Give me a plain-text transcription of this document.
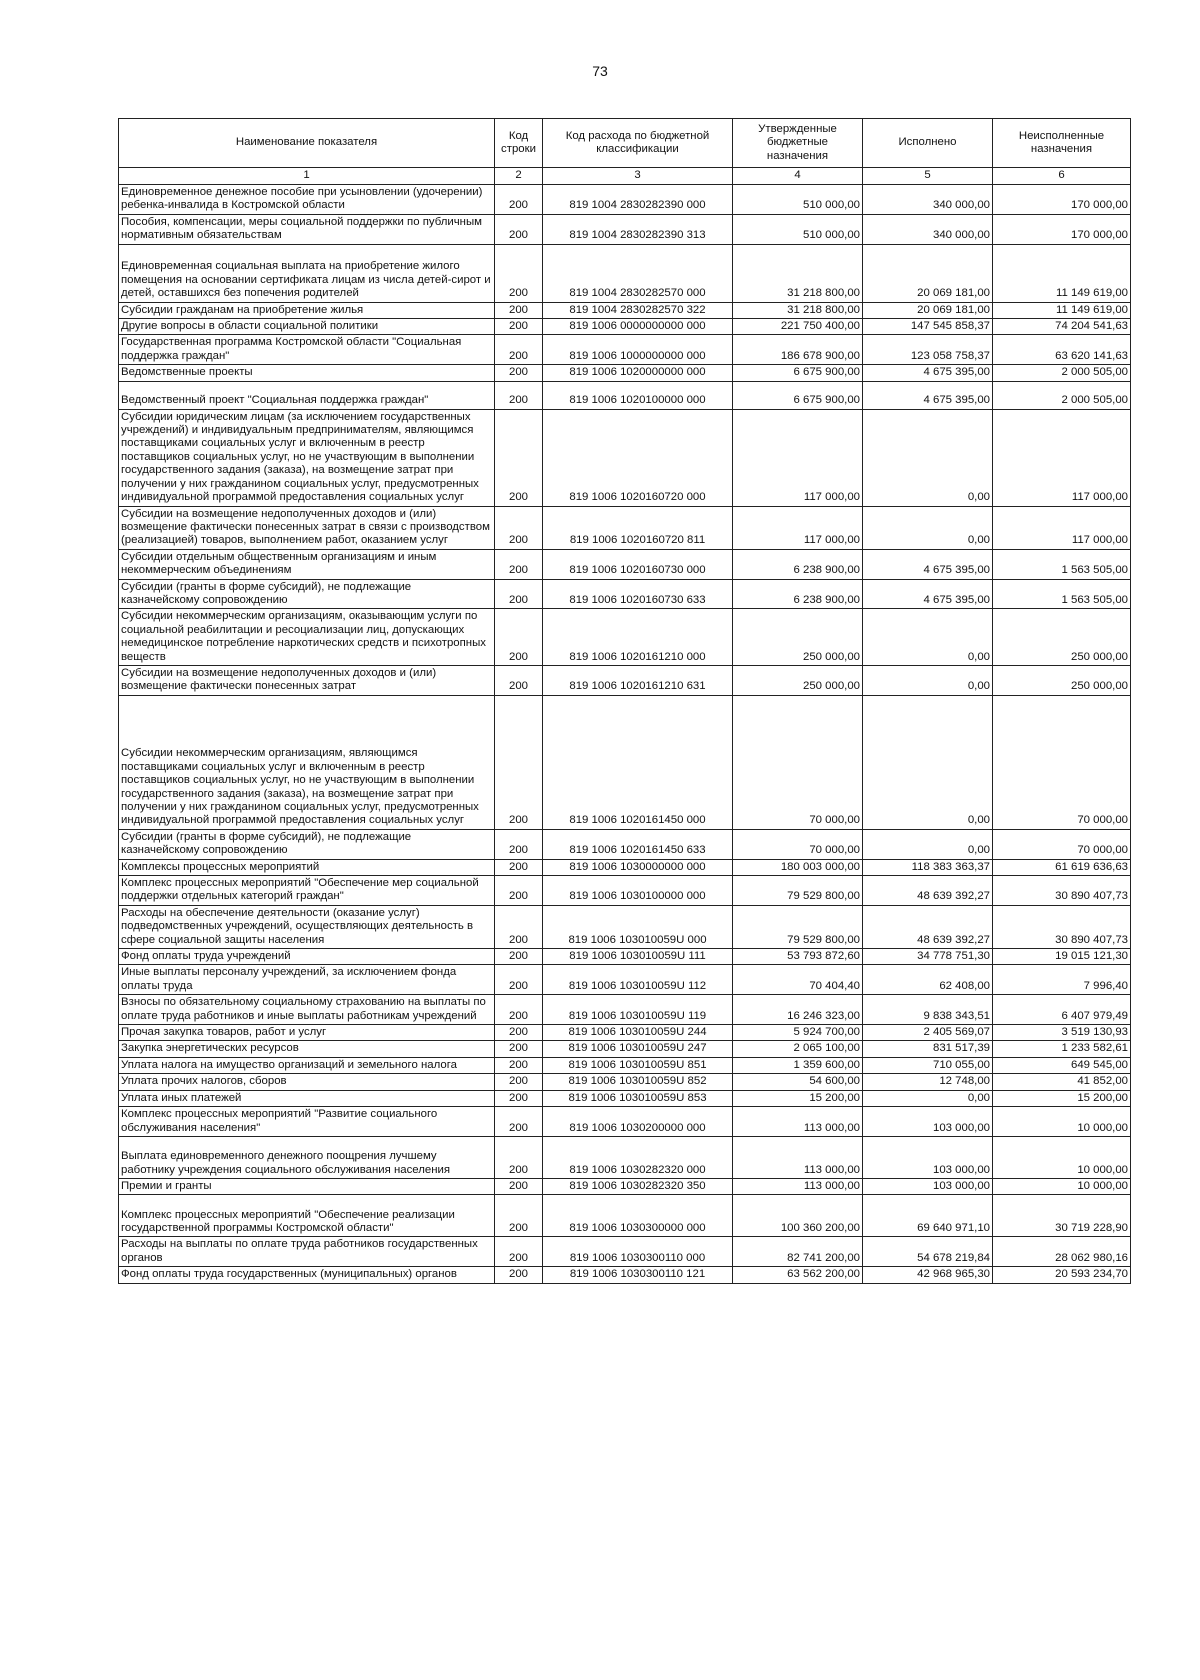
73
Наименование показателя	Код строки	Код расхода по бюджетной классификации	Утвержденные бюджетные назначения	Исполнено	Неисполненные назначения
1	2	3	4	5	6
Единовременное денежное пособие при усыновлении (удочерении) ребенка-инвалида в Костромской области	200	819 1004 2830282390 000	510 000,00	340 000,00	170 000,00
Пособия, компенсации, меры социальной поддержки по публичным нормативным обязательствам	200	819 1004 2830282390 313	510 000,00	340 000,00	170 000,00
Единовременная социальная выплата на приобретение жилого помещения на основании сертификата лицам из числа детей-сирот и детей, оставшихся без попечения родителей	200	819 1004 2830282570 000	31 218 800,00	20 069 181,00	11 149 619,00
Субсидии гражданам на приобретение жилья	200	819 1004 2830282570 322	31 218 800,00	20 069 181,00	11 149 619,00
Другие вопросы в области социальной политики	200	819 1006 0000000000 000	221 750 400,00	147 545 858,37	74 204 541,63
Государственная программа Костромской области "Социальная поддержка граждан"	200	819 1006 1000000000 000	186 678 900,00	123 058 758,37	63 620 141,63
Ведомственные проекты	200	819 1006 1020000000 000	6 675 900,00	4 675 395,00	2 000 505,00
Ведомственный проект "Социальная поддержка граждан"	200	819 1006 1020100000 000	6 675 900,00	4 675 395,00	2 000 505,00
Субсидии юридическим лицам (за исключением государственных учреждений) и индивидуальным предпринимателям, являющимся поставщиками социальных услуг и включенным в реестр поставщиков социальных услуг, но не участвующим в выполнении государственного задания (заказа), на возмещение затрат при получении у них гражданином социальных услуг, предусмотренных индивидуальной программой предоставления социальных услуг	200	819 1006 1020160720 000	117 000,00	0,00	117 000,00
Субсидии на возмещение недополученных доходов и (или) возмещение фактически понесенных затрат в связи с производством (реализацией) товаров, выполнением работ, оказанием услуг	200	819 1006 1020160720 811	117 000,00	0,00	117 000,00
Субсидии отдельным общественным организациям и иным некоммерческим объединениям	200	819 1006 1020160730 000	6 238 900,00	4 675 395,00	1 563 505,00
Субсидии (гранты в форме субсидий), не подлежащие казначейскому сопровождению	200	819 1006 1020160730 633	6 238 900,00	4 675 395,00	1 563 505,00
Субсидии некоммерческим организациям, оказывающим услуги по социальной реабилитации и ресоциализации лиц, допускающих немедицинское потребление наркотических средств и психотропных веществ	200	819 1006 1020161210 000	250 000,00	0,00	250 000,00
Субсидии на возмещение недополученных доходов и (или) возмещение фактически понесенных затрат	200	819 1006 1020161210 631	250 000,00	0,00	250 000,00
Субсидии некоммерческим организациям, являющимся поставщиками социальных услуг и включенным в реестр поставщиков социальных услуг, но не участвующим в выполнении государственного задания (заказа), на возмещение затрат при получении у них гражданином социальных услуг, предусмотренных индивидуальной программой предоставления социальных услуг	200	819 1006 1020161450 000	70 000,00	0,00	70 000,00
Субсидии (гранты в форме субсидий), не подлежащие казначейскому сопровождению	200	819 1006 1020161450 633	70 000,00	0,00	70 000,00
Комплексы процессных мероприятий	200	819 1006 1030000000 000	180 003 000,00	118 383 363,37	61 619 636,63
Комплекс процессных мероприятий "Обеспечение мер социальной поддержки отдельных категорий граждан"	200	819 1006 1030100000 000	79 529 800,00	48 639 392,27	30 890 407,73
Расходы на обеспечение деятельности (оказание услуг) подведомственных учреждений, осуществляющих деятельность в сфере социальной защиты населения	200	819 1006 103010059U 000	79 529 800,00	48 639 392,27	30 890 407,73
Фонд оплаты труда учреждений	200	819 1006 103010059U 111	53 793 872,60	34 778 751,30	19 015 121,30
Иные выплаты персоналу учреждений, за исключением фонда оплаты труда	200	819 1006 103010059U 112	70 404,40	62 408,00	7 996,40
Взносы по обязательному социальному страхованию на выплаты по оплате труда работников и иные выплаты работникам учреждений	200	819 1006 103010059U 119	16 246 323,00	9 838 343,51	6 407 979,49
Прочая закупка товаров, работ и услуг	200	819 1006 103010059U 244	5 924 700,00	2 405 569,07	3 519 130,93
Закупка энергетических ресурсов	200	819 1006 103010059U 247	2 065 100,00	831 517,39	1 233 582,61
Уплата налога на имущество организаций и земельного налога	200	819 1006 103010059U 851	1 359 600,00	710 055,00	649 545,00
Уплата прочих налогов, сборов	200	819 1006 103010059U 852	54 600,00	12 748,00	41 852,00
Уплата иных платежей	200	819 1006 103010059U 853	15 200,00	0,00	15 200,00
Комплекс процессных мероприятий "Развитие социального обслуживания населения"	200	819 1006 1030200000 000	113 000,00	103 000,00	10 000,00
Выплата единовременного денежного поощрения лучшему работнику учреждения социального обслуживания населения	200	819 1006 1030282320 000	113 000,00	103 000,00	10 000,00
Премии и гранты	200	819 1006 1030282320 350	113 000,00	103 000,00	10 000,00
Комплекс процессных мероприятий "Обеспечение реализации государственной программы Костромской области"	200	819 1006 1030300000 000	100 360 200,00	69 640 971,10	30 719 228,90
Расходы на выплаты по оплате труда работников государственных органов	200	819 1006 1030300110 000	82 741 200,00	54 678 219,84	28 062 980,16
Фонд оплаты труда государственных (муниципальных) органов	200	819 1006 1030300110 121	63 562 200,00	42 968 965,30	20 593 234,70
